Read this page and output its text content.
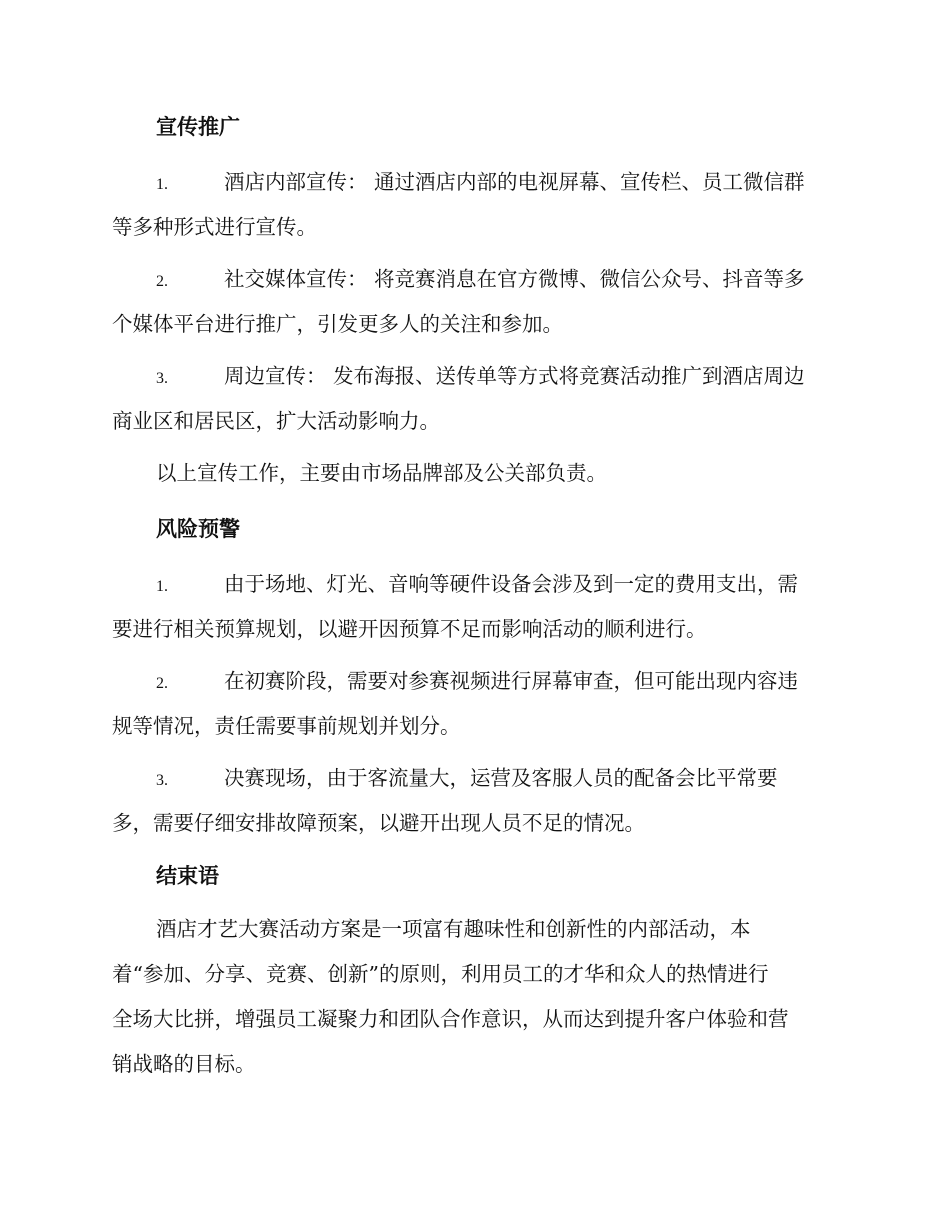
宣传推广
1.	酒店内部宣传： 通过酒店内部的电视屏幕、宣传栏、员工微信群
等多种形式进行宣传。
2.	社交媒体宣传： 将竞赛消息在官方微博、微信公众号、抖音等多
个媒体平台进行推广，引发更多人的关注和参加。
3.	周边宣传： 发布海报、送传单等方式将竞赛活动推广到酒店周边
商业区和居民区，扩大活动影响力。
以上宣传工作，主要由市场品牌部及公关部负责。
风险预警
1.	由于场地、灯光、音响等硬件设备会涉及到一定的费用支出，需
要进行相关预算规划，以避开因预算不足而影响活动的顺利进行。
2.	在初赛阶段，需要对参赛视频进行屏幕审查，但可能出现内容违
规等情况，责任需要事前规划并划分。
3.	决赛现场，由于客流量大，运营及客服人员的配备会比平常要
多，需要仔细安排故障预案，以避开出现人员不足的情况。
结束语
酒店才艺大赛活动方案是一项富有趣味性和创新性的内部活动，本
着“参加、分享、竞赛、创新”的原则，利用员工的才华和众人的热情进行
全场大比拼，增强员工凝聚力和团队合作意识，从而达到提升客户体验和营
销战略的目标。
